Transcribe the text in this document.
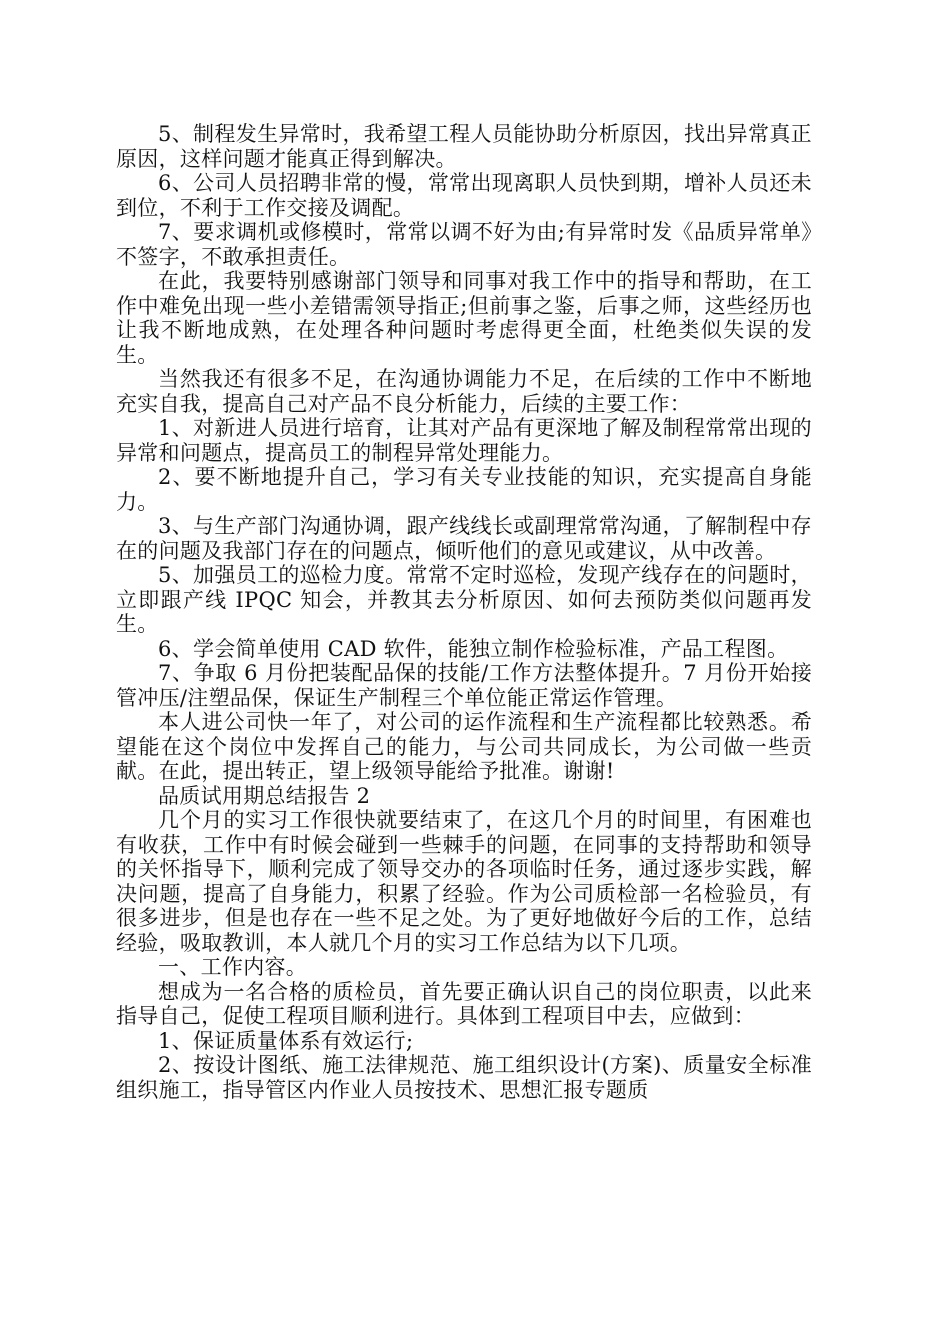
5、制程发生异常时，我希望工程人员能协助分析原因，找出异常真正原因，这样问题才能真正得到解决。

6、公司人员招聘非常的慢，常常出现离职人员快到期，增补人员还未到位，不利于工作交接及调配。

7、要求调机或修模时，常常以调不好为由;有异常时发《品质异常单》不签字，不敢承担责任。

在此，我要特别感谢部门领导和同事对我工作中的指导和帮助，在工作中难免出现一些小差错需领导指正;但前事之鉴，后事之师，这些经历也让我不断地成熟，在处理各种问题时考虑得更全面，杜绝类似失误的发生。

当然我还有很多不足，在沟通协调能力不足，在后续的工作中不断地充实自我，提高自己对产品不良分析能力，后续的主要工作：

1、对新进人员进行培育，让其对产品有更深地了解及制程常常出现的异常和问题点，提高员工的制程异常处理能力。

2、要不断地提升自己，学习有关专业技能的知识，充实提高自身能力。

3、与生产部门沟通协调，跟产线线长或副理常常沟通，了解制程中存在的问题及我部门存在的问题点，倾听他们的意见或建议，从中改善。

5、加强员工的巡检力度。常常不定时巡检，发现产线存在的问题时，立即跟产线 IPQC 知会，并教其去分析原因、如何去预防类似问题再发生。

6、学会简单使用 CAD 软件，能独立制作检验标准，产品工程图。

7、争取 6 月份把装配品保的技能/工作方法整体提升。7 月份开始接管冲压/注塑品保，保证生产制程三个单位能正常运作管理。

本人进公司快一年了，对公司的运作流程和生产流程都比较熟悉。希望能在这个岗位中发挥自己的能力，与公司共同成长，为公司做一些贡献。在此，提出转正，望上级领导能给予批准。谢谢!

品质试用期总结报告 2

几个月的实习工作很快就要结束了，在这几个月的时间里，有困难也有收获，工作中有时候会碰到一些棘手的问题，在同事的支持帮助和领导的关怀指导下，顺利完成了领导交办的各项临时任务，通过逐步实践，解决问题，提高了自身能力，积累了经验。作为公司质检部一名检验员，有很多进步，但是也存在一些不足之处。为了更好地做好今后的工作，总结经验，吸取教训，本人就几个月的实习工作总结为以下几项。

一、工作内容。

想成为一名合格的质检员，首先要正确认识自己的岗位职责，以此来指导自己，促使工程项目顺利进行。具体到工程项目中去，应做到：

1、保证质量体系有效运行;

2、按设计图纸、施工法律规范、施工组织设计(方案)、质量安全标准组织施工，指导管区内作业人员按技术、思想汇报专题质
